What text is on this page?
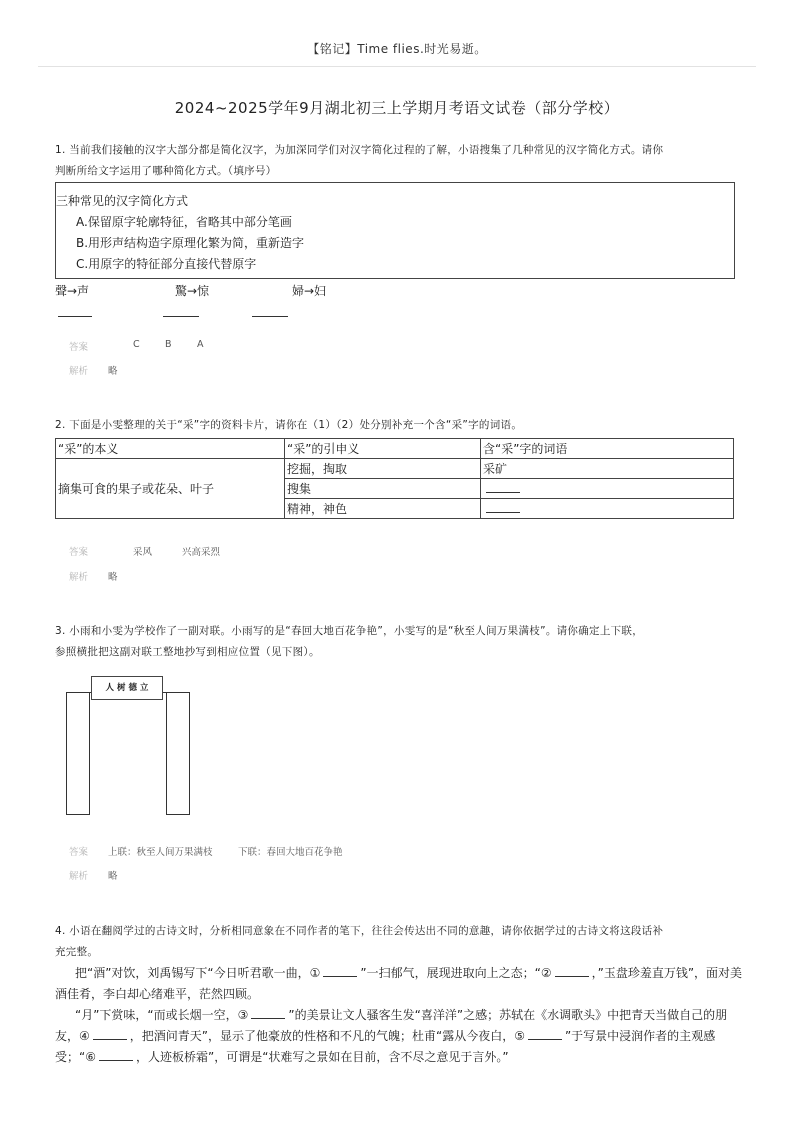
【铭记】Time flies.时光易逝。
2024~2025学年9月湖北初三上学期月考语文试卷（部分学校）
1. 当前我们接触的汉字大部分都是简化汉字，为加深同学们对汉字简化过程的了解，小语搜集了几种常见的汉字简化方式。请你
判断所给文字运用了哪种简化方式。（填序号）
三种常见的汉字简化方式
A.保留原字轮廓特征，省略其中部分笔画
B.用形声结构造字原理化繁为简，重新造字
C.用原字的特征部分直接代替原字
聲→声	驚→惊	婦→妇
答案	C	B	A
解析 略
2. 下面是小雯整理的关于“采”字的资料卡片，请你在（1）（2）处分别补充一个含“采”字的词语。
“采”的本义	“采”的引申义	含“采”字的词语
摘集可食的果子或花朵、叶子	挖掘，掏取	采矿
	搜集	
	精神，神色	
答案	采风	兴高采烈
解析 略
3. 小雨和小雯为学校作了一副对联。小雨写的是“春回大地百花争艳”，小雯写的是“秋至人间万果满枝”。请你确定上下联，
参照横批把这副对联工整地抄写到相应位置（见下图）。
人 树 德 立
答案 上联：秋至人间万果满枝	下联：春回大地百花争艳
解析 略
4. 小语在翻阅学过的古诗文时，分析相同意象在不同作者的笔下，往往会传达出不同的意趣，请你依据学过的古诗文将这段话补
充完整。

把“酒”对饮，刘禹锡写下“今日听君歌一曲，①	”一扫郁气，展现进取向上之态；“②	，”玉盘珍羞直万钱”，面对美酒佳肴，李白却心绪难平，茫然四顾。

“月”下赏味，“而或长烟一空，③	”的美景让文人骚客生发“喜洋洋”之感；苏轼在《水调歌头》中把青天当做自己的朋友，④	，把酒问青天”，显示了他豪放的性格和不凡的气魄；杜甫“露从今夜白，⑤	”于写景中浸润作者的主观感受；“⑥	，人迹板桥霜”，可谓是“状难写之景如在目前，含不尽之意见于言外。”
